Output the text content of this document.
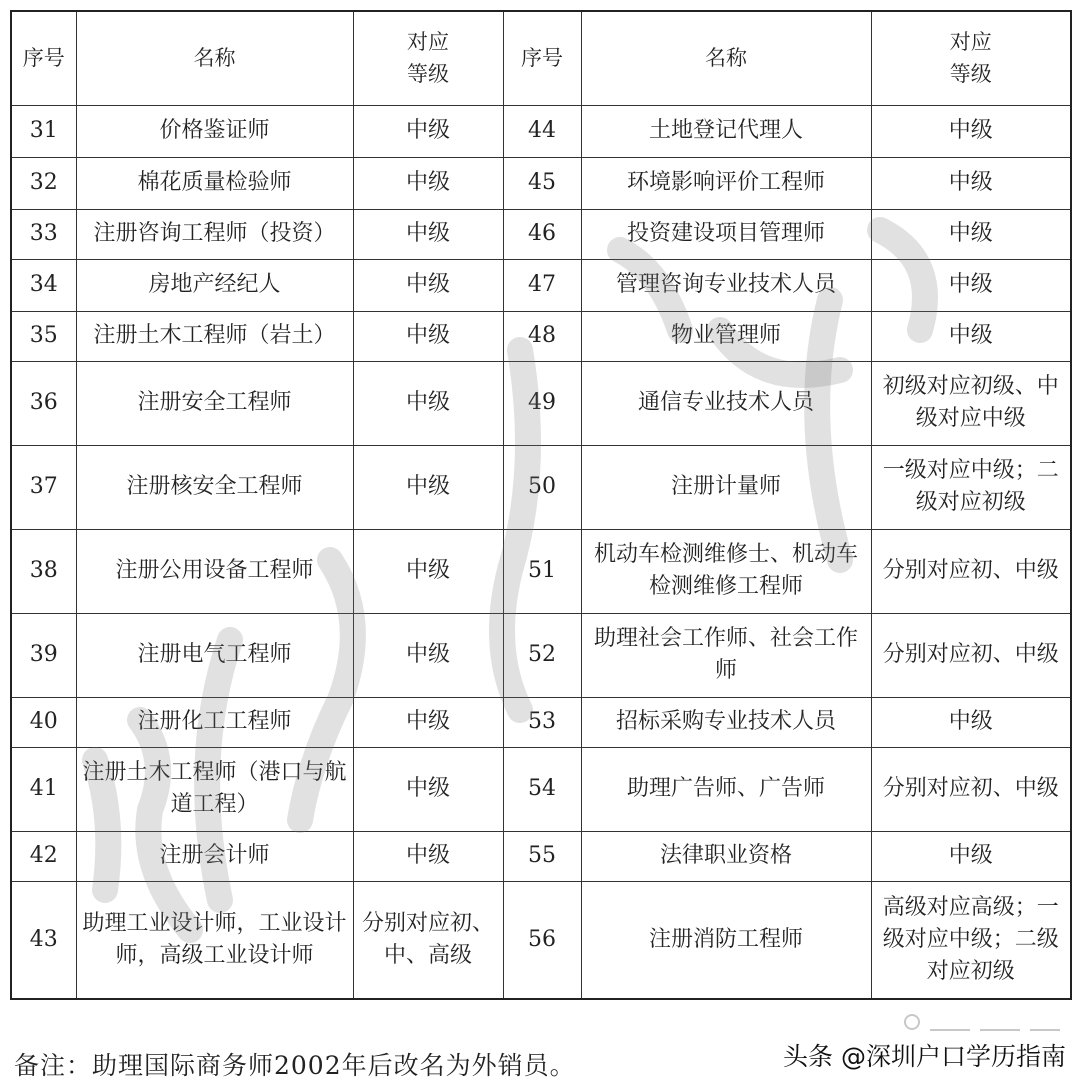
序号	名称	对应等级	序号	名称	对应等级
31	价格鉴证师	中级	44	土地登记代理人	中级
32	棉花质量检验师	中级	45	环境影响评价工程师	中级
33	注册咨询工程师（投资）	中级	46	投资建设项目管理师	中级
34	房地产经纪人	中级	47	管理咨询专业技术人员	中级
35	注册土木工程师（岩土）	中级	48	物业管理师	中级
36	注册安全工程师	中级	49	通信专业技术人员	初级对应初级、中级对应中级
37	注册核安全工程师	中级	50	注册计量师	一级对应中级；二级对应初级
38	注册公用设备工程师	中级	51	机动车检测维修士、机动车检测维修工程师	分别对应初、中级
39	注册电气工程师	中级	52	助理社会工作师、社会工作师	分别对应初、中级
40	注册化工工程师	中级	53	招标采购专业技术人员	中级
41	注册土木工程师（港口与航道工程）	中级	54	助理广告师、广告师	分别对应初、中级
42	注册会计师	中级	55	法律职业资格	中级
43	助理工业设计师，工业设计师，高级工业设计师	分别对应初、中、高级	56	注册消防工程师	高级对应高级；一级对应中级；二级对应初级
备注：助理国际商务师2002年后改名为外销员。	头条 @深圳户口学历指南
